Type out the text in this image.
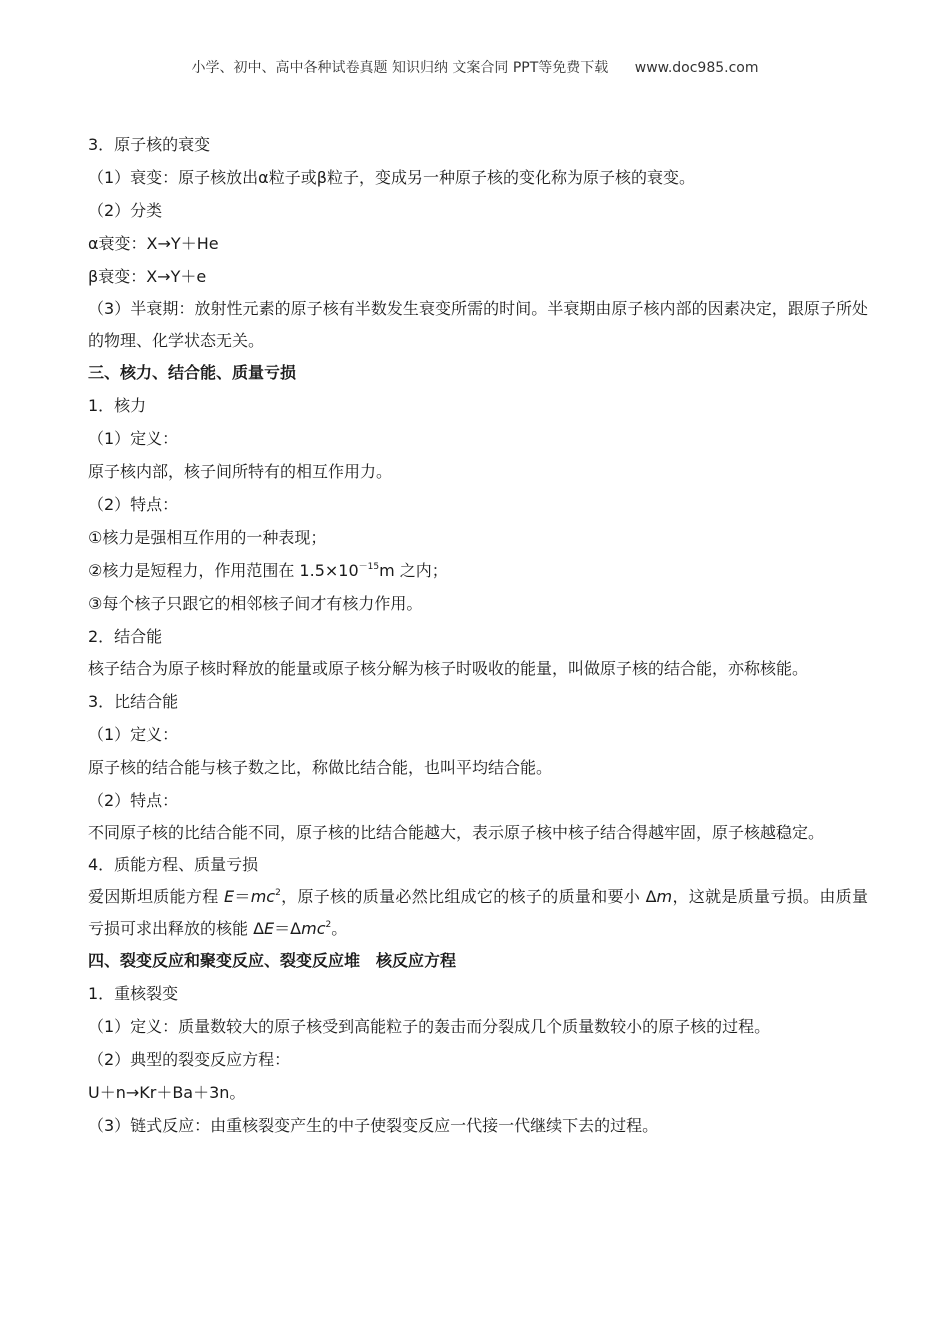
小学、初中、高中各种试卷真题 知识归纳 文案合同 PPT等免费下载 www.doc985.com
3．原子核的衰变
（1）衰变：原子核放出α粒子或β粒子，变成另一种原子核的变化称为原子核的衰变。
（2）分类
α衰变：X→Y＋He
β衰变：X→Y＋e
（3）半衰期：放射性元素的原子核有半数发生衰变所需的时间。半衰期由原子核内部的因素决定，跟原子所处的物理、化学状态无关。
三、核力、结合能、质量亏损
1．核力
（1）定义：
原子核内部，核子间所特有的相互作用力。
（2）特点：
①核力是强相互作用的一种表现；
②核力是短程力，作用范围在 $1.5\times 10^{-15}m$ 之内；
③每个核子只跟它的相邻核子间才有核力作用。
2．结合能
核子结合为原子核时释放的能量或原子核分解为核子时吸收的能量，叫做原子核的结合能，亦称核能。
3．比结合能
（1）定义：
原子核的结合能与核子数之比，称做比结合能，也叫平均结合能。
（2）特点：
不同原子核的比结合能不同，原子核的比结合能越大，表示原子核中核子结合得越牢固，原子核越稳定。
4．质能方程、质量亏损
爱因斯坦质能方程 $E=mc^2$，原子核的质量必然比组成它的核子的质量和要小 Δm，这就是质量亏损。由质量亏损可求出释放的核能 ΔE＝Δmc$^2$。
四、裂变反应和聚变反应、裂变反应堆　核反应方程
1．重核裂变
（1）定义：质量数较大的原子核受到高能粒子的轰击而分裂成几个质量数较小的原子核的过程。
（2）典型的裂变反应方程：
U＋n→Kr＋Ba＋3n。
（3）链式反应：由重核裂变产生的中子使裂变反应一代接一代继续下去的过程。
